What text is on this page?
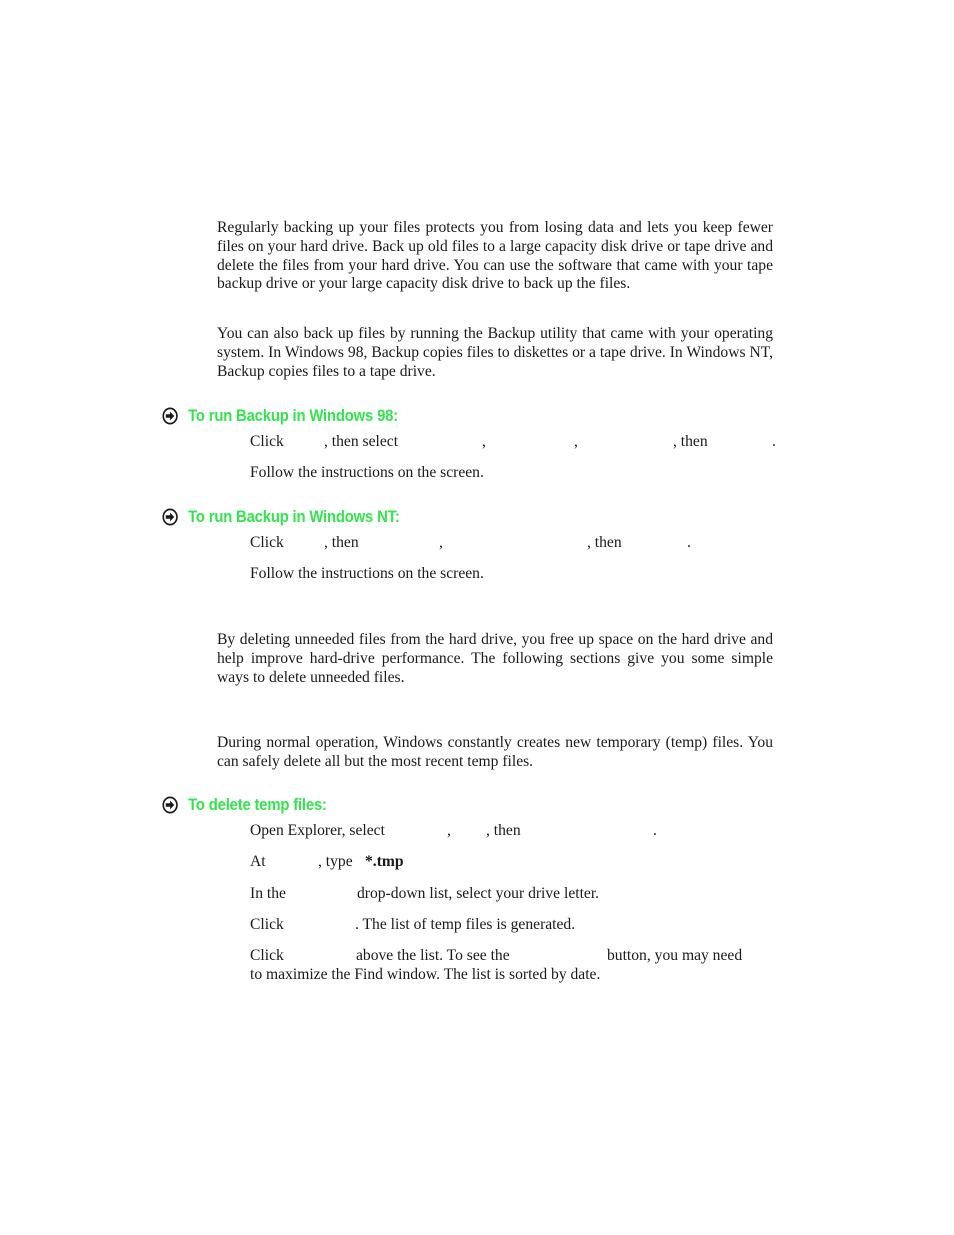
Regularly backing up your files protects you from losing data and lets you keep fewer files on your hard drive. Back up old files to a large capacity disk drive or tape drive and delete the files from your hard drive. You can use the software that came with your tape backup drive or your large capacity disk drive to back up the files.

You can also back up files by running the Backup utility that came with your operating system. In Windows 98, Backup copies files to diskettes or a tape drive. In Windows NT, Backup copies files to a tape drive.

To run Backup in Windows 98:
Click	, then select	,	,	, then	.

Follow the instructions on the screen.

To run Backup in Windows NT:
Click	, then	,	, then	.

Follow the instructions on the screen.

By deleting unneeded files from the hard drive, you free up space on the hard drive and help improve hard-drive performance. The following sections give you some simple ways to delete unneeded files.

During normal operation, Windows constantly creates new temporary (temp) files. You can safely delete all but the most recent temp files.

To delete temp files:
Open Explorer, select	, , then	.
At	, type *.tmp
In the	drop-down list, select your drive letter.
Click	. The list of temp files is generated.
Click	above the list. To see the	button, you may need
to maximize the Find window. The list is sorted by date.
